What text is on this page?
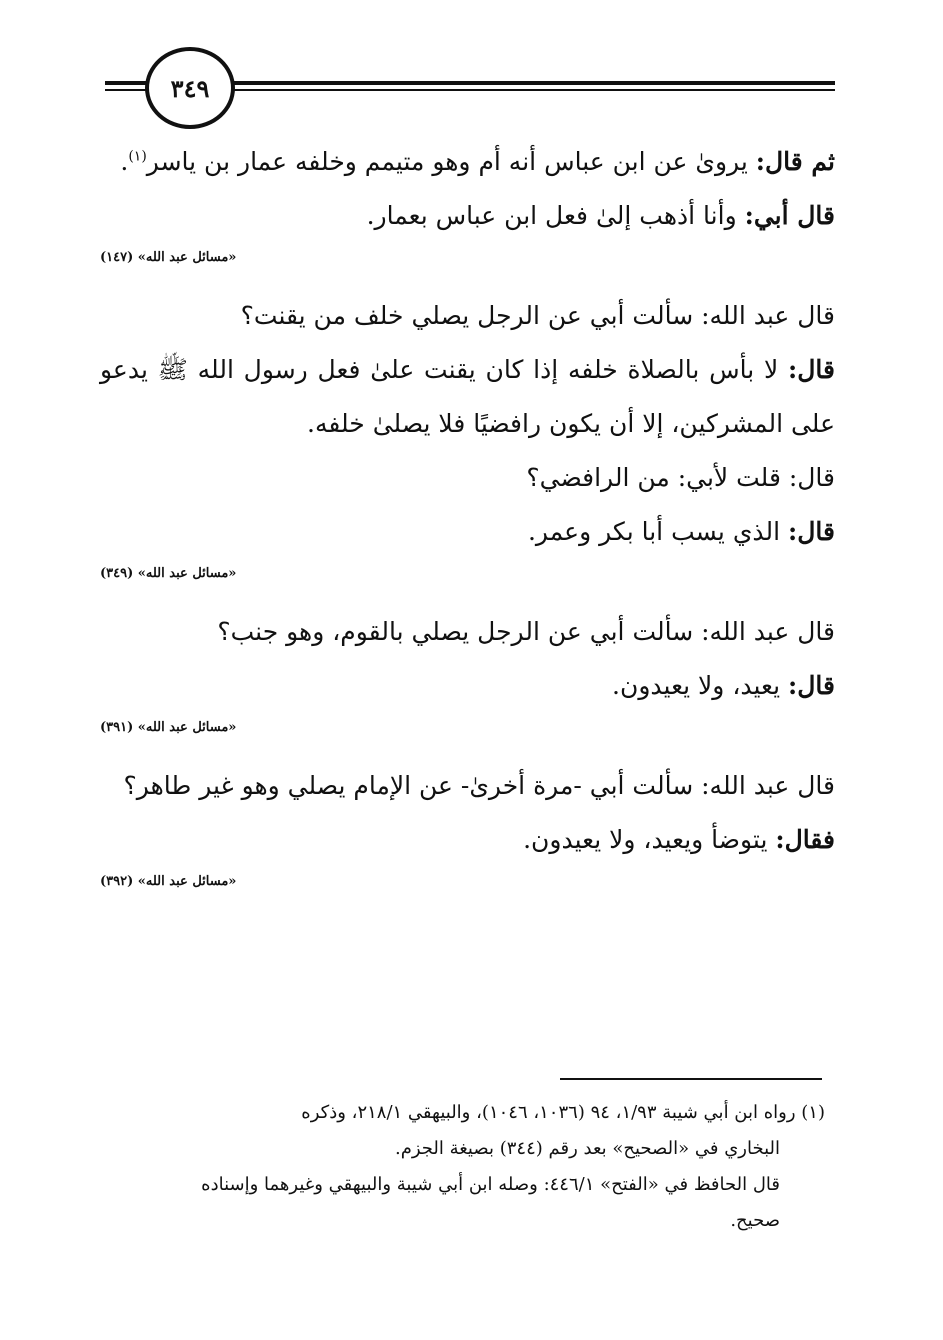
٣٤٩

ثم قال: يروىٰ عن ابن عباس أنه أم وهو متيمم وخلفه عمار بن ياسر$^{(١)}$.

قال أبي: وأنا أذهب إلىٰ فعل ابن عباس بعمار.

«مسائل عبد الله» (١٤٧)

قال عبد الله: سألت أبي عن الرجل يصلي خلف من يقنت؟

قال: لا بأس بالصلاة خلفه إذا كان يقنت علىٰ فعل رسول الله ﷺ يدعو على المشركين، إلا أن يكون رافضيًا فلا يصلىٰ خلفه.

قال: قلت لأبي: من الرافضي؟

قال: الذي يسب أبا بكر وعمر.

«مسائل عبد الله» (٣٤٩)

قال عبد الله: سألت أبي عن الرجل يصلي بالقوم، وهو جنب؟

قال: يعيد، ولا يعيدون.

«مسائل عبد الله» (٣٩١)

قال عبد الله: سألت أبي -مرة أخرىٰ- عن الإمام يصلي وهو غير طاهر؟

فقال: يتوضأ ويعيد، ولا يعيدون.

«مسائل عبد الله» (٣٩٢)

(١) رواه ابن أبي شيبة ١/٩٣، ٩٤ (١٠٣٦، ١٠٤٦)، والبيهقي ٢١٨/١، وذكره

البخاري في «الصحيح» بعد رقم (٣٤٤) بصيغة الجزم.

قال الحافظ في «الفتح» ٤٤٦/١: وصله ابن أبي شيبة والبيهقي وغيرهما وإسناده

صحيح.
